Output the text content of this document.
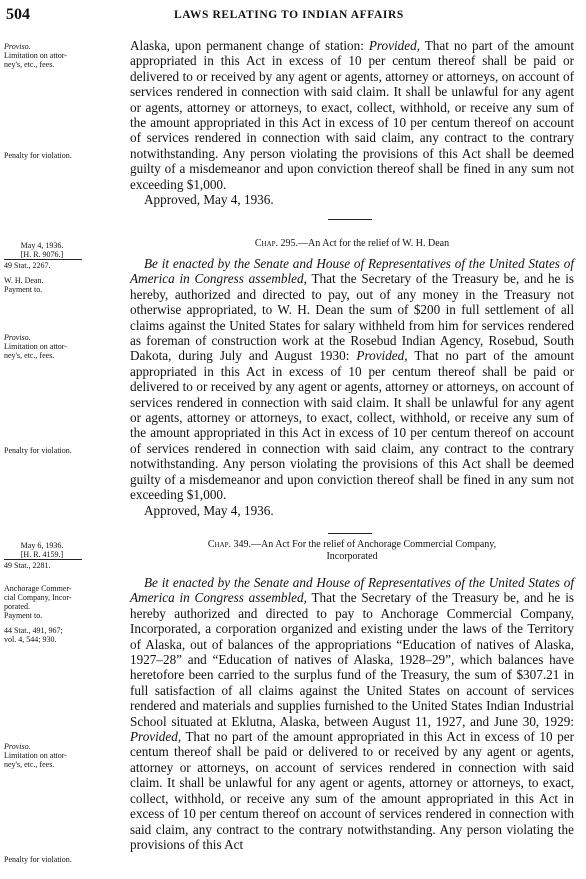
504	LAWS RELATING TO INDIAN AFFAIRS
Proviso.
Limitation on attor-
ney's, etc., fees.
Penalty for violation.

Alaska, upon permanent change of station: Provided, That no part of the amount appropriated in this Act in excess of 10 per centum thereof shall be paid or delivered to or received by any agent or agents, attorney or attorneys, on account of services rendered in connection with said claim. It shall be unlawful for any agent or agents, attorney or attorneys, to exact, collect, withhold, or receive any sum of the amount appropriated in this Act in excess of 10 per centum thereof on account of services rendered in connection with said claim, any contract to the contrary notwithstanding. Any person violating the provisions of this Act shall be deemed guilty of a misdemeanor and upon conviction thereof shall be fined in any sum not exceeding $1,000.

Approved, May 4, 1936.

May 4, 1936.
[H. R. 9076.]
49 Stat., 2267.
W. H. Dean.
Payment to.
Proviso.
Limitation on attor-
ney's, etc., fees.
Penalty for violation.

Chap. 295.—An Act for the relief of W. H. Dean

Be it enacted by the Senate and House of Representatives of the United States of America in Congress assembled, That the Secretary of the Treasury be, and he is hereby, authorized and directed to pay, out of any money in the Treasury not otherwise appropriated, to W. H. Dean the sum of $200 in full settlement of all claims against the United States for salary withheld from him for services rendered as foreman of construction work at the Rosebud Indian Agency, Rosebud, South Dakota, during July and August 1930: Provided, That no part of the amount appropriated in this Act in excess of 10 per centum thereof shall be paid or delivered to or received by any agent or agents, attorney or attorneys, on account of services rendered in connection with said claim. It shall be unlawful for any agent or agents, attorney or attorneys, to exact, collect, withhold, or receive any sum of the amount appropriated in this Act in excess of 10 per centum thereof on account of services rendered in connection with said claim, any contract to the contrary notwithstanding. Any person violating the provisions of this Act shall be deemed guilty of a misdemeanor and upon conviction thereof shall be fined in any sum not exceeding $1,000.

Approved, May 4, 1936.

May 6, 1936.
[H. R. 4159.]
49 Stat., 2281.
Anchorage Commer-
cial Company, Incor-
porated.
Payment to.
44 Stat., 491, 967;
vol. 4, 544; 930.
Proviso.
Limitation on attor-
ney's, etc., fees.
Penalty for violation.

Chap. 349.—An Act For the relief of Anchorage Commercial Company,

Incorporated

Be it enacted by the Senate and House of Representatives of the United States of America in Congress assembled, That the Secretary of the Treasury be, and he is hereby authorized and directed to pay to Anchorage Commercial Company, Incorporated, a corporation organized and existing under the laws of the Territory of Alaska, out of balances of the appropriations “Education of natives of Alaska, 1927–28” and “Education of natives of Alaska, 1928–29”, which balances have heretofore been carried to the surplus fund of the Treasury, the sum of $307.21 in full satisfaction of all claims against the United States on account of services rendered and materials and supplies furnished to the United States Indian Industrial School situated at Eklutna, Alaska, between August 11, 1927, and June 30, 1929: Provided, That no part of the amount appropriated in this Act in excess of 10 per centum thereof shall be paid or delivered to or received by any agent or agents, attorney or attorneys, on account of services rendered in connection with said claim. It shall be unlawful for any agent or agents, attorney or attorneys, to exact, collect, withhold, or receive any sum of the amount appropriated in this Act in excess of 10 per centum thereof on account of services rendered in connection with said claim, any contract to the contrary notwithstanding. Any person violating the provisions of this Act
